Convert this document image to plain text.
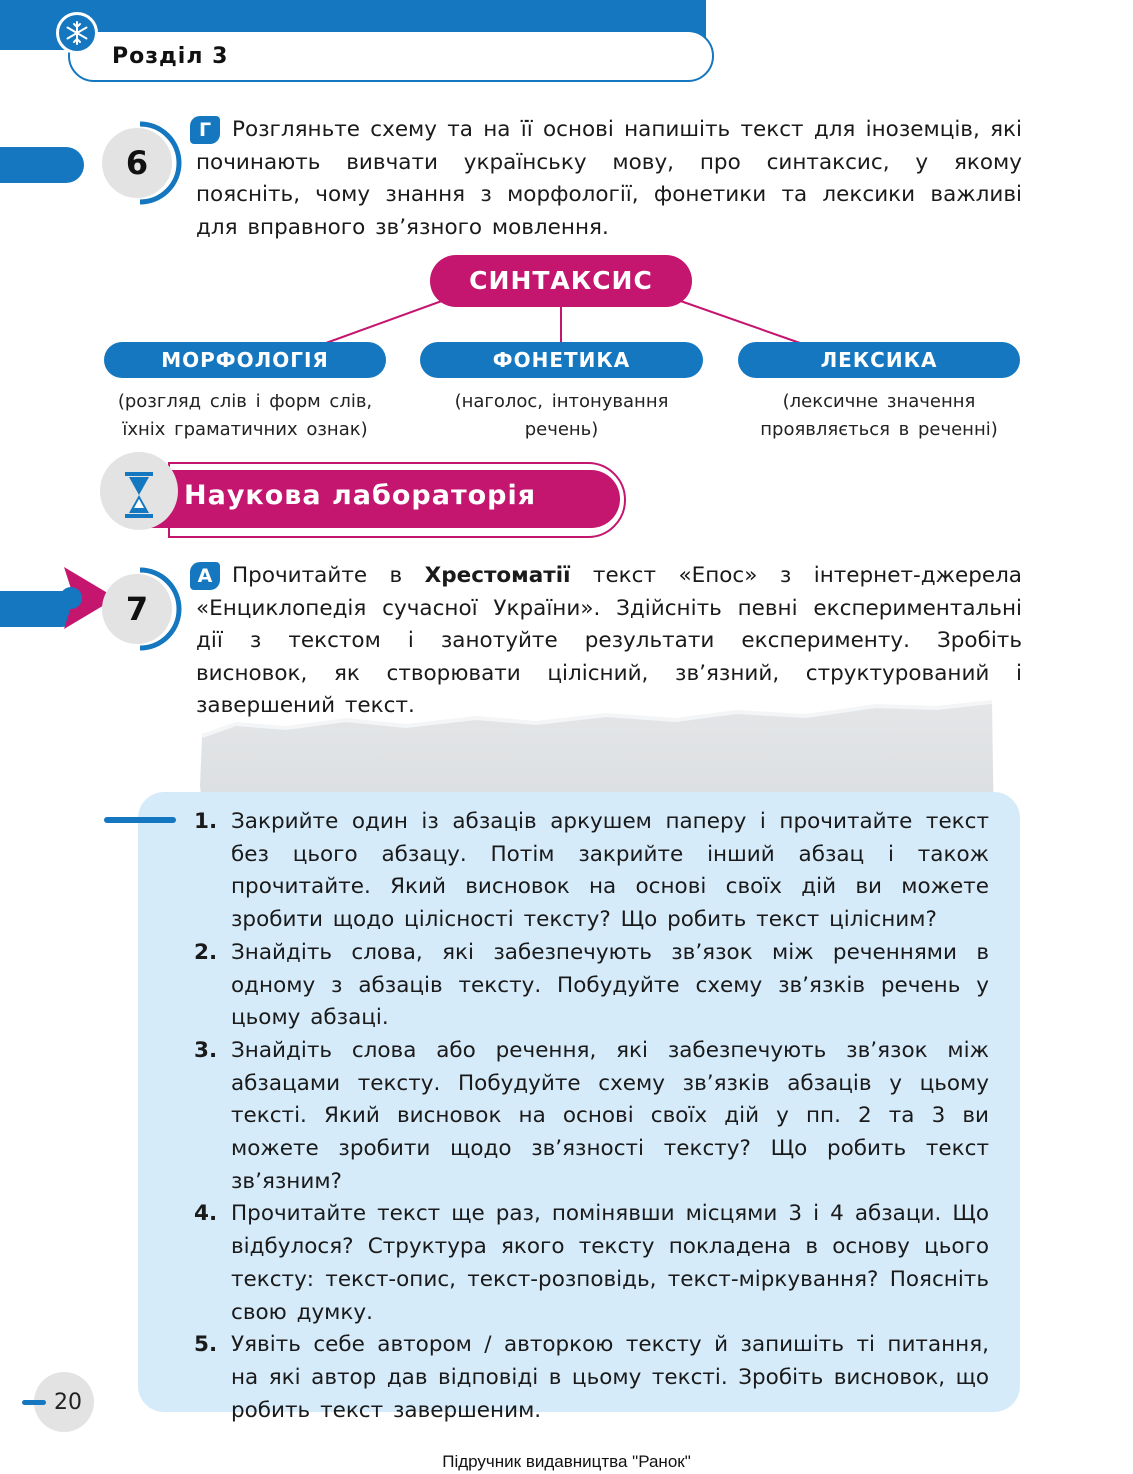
Розділ 3
6
Г Розгляньте схему та на її основі напишіть текст для іноземців, які починають вивчати українську мову, про синтаксис, у якому поясніть, чому знання з морфології, фонетики та лексики важливі для вправного зв’язного мовлення.
СИНТАКСИС
МОРФОЛОГІЯ	ФОНЕТИКА	ЛЕКСИКА
(розгляд слів і форм слів,
їхніх граматичних ознак)
(наголос, інтонування
речень)
(лексичне значення
проявляється в реченні)
Наукова лабораторія
7
А Прочитайте в Хрестоматії текст «Епос» з інтернет-джерела «Енциклопедія сучасної України». Здійсніть певні експериментальні дії з текстом і занотуйте результати експерименту. Зробіть висновок, як створювати цілісний, зв’язний, структурований і завершений текст.
1. Закрийте один із абзаців аркушем паперу і прочитайте текст без цього абзацу. Потім закрийте інший абзац і також прочитайте. Який висновок на основі своїх дій ви можете зробити щодо цілісності тексту? Що робить текст цілісним?
2. Знайдіть слова, які забезпечують зв’язок між реченнями в одному з абзаців тексту. Побудуйте схему зв’язків речень у цьому абзаці.
3. Знайдіть слова або речення, які забезпечують зв’язок між абзацами тексту. Побудуйте схему зв’язків абзаців у цьому тексті. Який висновок на основі своїх дій у пп. 2 та 3 ви можете зробити щодо зв’язності тексту? Що робить текст зв’язним?
4. Прочитайте текст ще раз, помінявши місцями 3 і 4 абзаци. Що відбулося? Структура якого тексту покладена в основу цього тексту: текст-опис, текст-розповідь, текст-міркування? Поясніть свою думку.
5. Уявіть себе автором / авторкою тексту й запишіть ті питання, на які автор дав відповіді в цьому тексті. Зробіть висновок, що робить текст завершеним.
20
Підручник видавництва "Ранок"
